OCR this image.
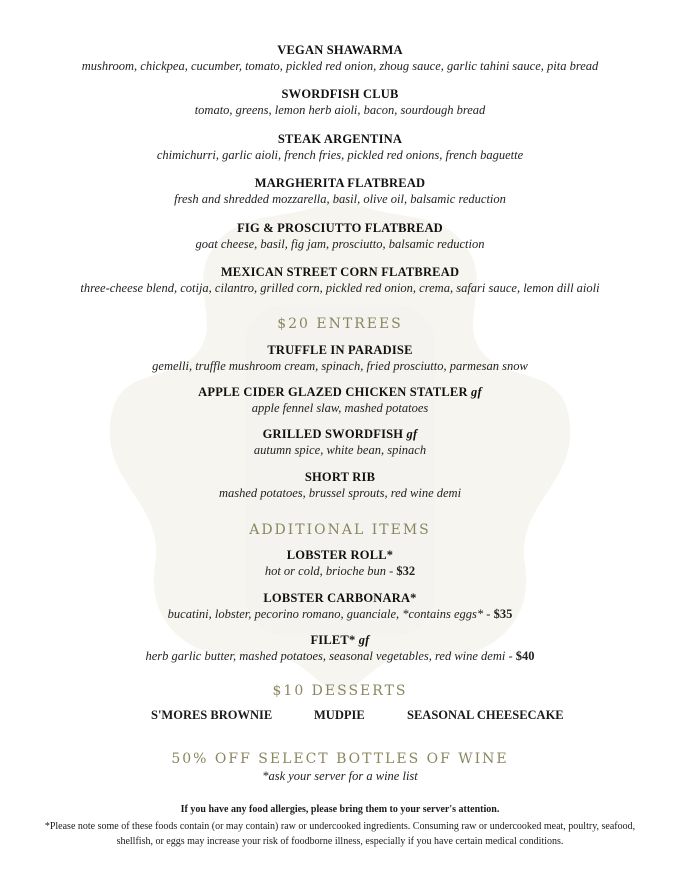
VEGAN SHAWARMA
mushroom, chickpea, cucumber, tomato, pickled red onion, zhoug sauce, garlic tahini sauce, pita bread
SWORDFISH CLUB
tomato, greens, lemon herb aioli, bacon, sourdough bread
STEAK ARGENTINA
chimichurri, garlic aioli, french fries, pickled red onions, french baguette
MARGHERITA FLATBREAD
fresh and shredded mozzarella, basil, olive oil, balsamic reduction
FIG & PROSCIUTTO FLATBREAD
goat cheese, basil, fig jam, prosciutto, balsamic reduction
MEXICAN STREET CORN FLATBREAD
three-cheese blend, cotija, cilantro, grilled corn, pickled red onion, crema, safari sauce, lemon dill aioli
$20 ENTREES
TRUFFLE IN PARADISE
gemelli, truffle mushroom cream, spinach, fried prosciutto, parmesan snow
APPLE CIDER GLAZED CHICKEN STATLER gf
apple fennel slaw, mashed potatoes
GRILLED SWORDFISH gf
autumn spice, white bean, spinach
SHORT RIB
mashed potatoes, brussel sprouts, red wine demi
ADDITIONAL ITEMS
LOBSTER ROLL*
hot or cold, brioche bun - $32
LOBSTER CARBONARA*
bucatini, lobster, pecorino romano, guanciale, *contains eggs* - $35
FILET* gf
herb garlic butter, mashed potatoes, seasonal vegetables, red wine demi - $40
$10 DESSERTS
S'MORES BROWNIE	MUDPIE	SEASONAL CHEESECAKE
50% OFF SELECT BOTTLES OF WINE
*ask your server for a wine list
If you have any food allergies, please bring them to your server's attention.
*Please note some of these foods contain (or may contain) raw or undercooked ingredients. Consuming raw or undercooked meat, poultry, seafood, shellfish, or eggs may increase your risk of foodborne illness, especially if you have certain medical conditions.
